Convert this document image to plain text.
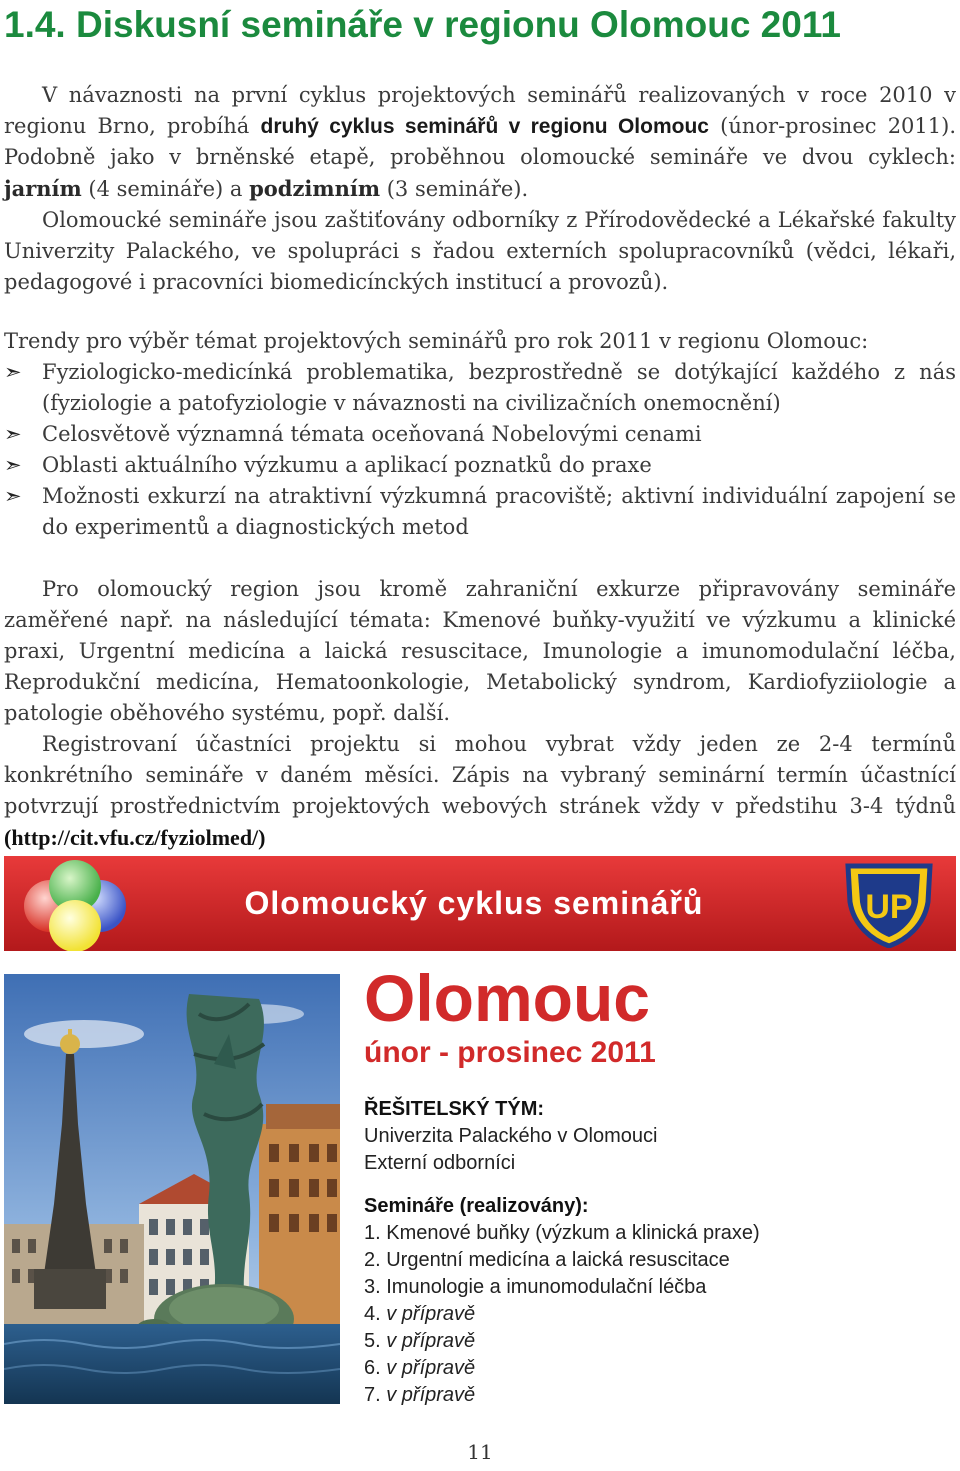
1.4. Diskusní semináře v regionu Olomouc 2011

V návaznosti na první cyklus projektových seminářů realizovaných v roce 2010 v regionu Brno, probíhá druhý cyklus seminářů v regionu Olomouc (únor-prosinec 2011). Podobně jako v brněnské etapě, proběhnou olomoucké semináře ve dvou cyklech: jarním (4 semináře) a podzimním (3 semináře).

Olomoucké semináře jsou zaštiťovány odborníky z Přírodovědecké a Lékařské fakulty Univerzity Palackého, ve spolupráci s řadou externích spolupracovníků (vědci, lékaři, pedagogové i pracovníci biomedicínckých institucí a provozů).

Trendy pro výběr témat projektových seminářů pro rok 2011 v regionu Olomouc:

➣ Fyziologicko-medicínká problematika, bezprostředně se dotýkající každého z nás (fyziologie a patofyziologie v návaznosti na civilizačních onemocnění)
➣ Celosvětově významná témata oceňovaná Nobelovými cenami
➣ Oblasti aktuálního výzkumu a aplikací poznatků do praxe
➣ Možnosti exkurzí na atraktivní výzkumná pracoviště; aktivní individuální zapojení se do experimentů a diagnostických metod

Pro olomoucký region jsou kromě zahraniční exkurze připravovány semináře zaměřené např. na následující témata: Kmenové buňky-využití ve výzkumu a klinické praxi, Urgentní medicína a laická resuscitace, Imunologie a imunomodulační léčba, Reprodukční medicína, Hematoonkologie, Metabolický syndrom, Kardiofyziiologie a patologie oběhového systému, popř. další.

Registrovaní účastníci projektu si mohou vybrat vždy jeden ze 2-4 termínů konkrétního semináře v daném měsíci. Zápis na vybraný seminární termín účastnící potvrzují prostřednictvím projektových webových stránek vždy v předstihu 3-4 týdnů (http://cit.vfu.cz/fyziolmed/)

Olomoucký cyklus seminářů	UP
Olomouc
únor - prosinec 2011
ŘEŠITELSKÝ TÝM:
Univerzita Palackého v Olomouci
Externí odborníci
Semináře (realizovány):
1. Kmenové buňky (výzkum a klinická praxe)
2. Urgentní medicína a laická resuscitace
3. Imunologie a imunomodulační léčba
4. v přípravě
5. v přípravě
6. v přípravě
7. v přípravě
11
